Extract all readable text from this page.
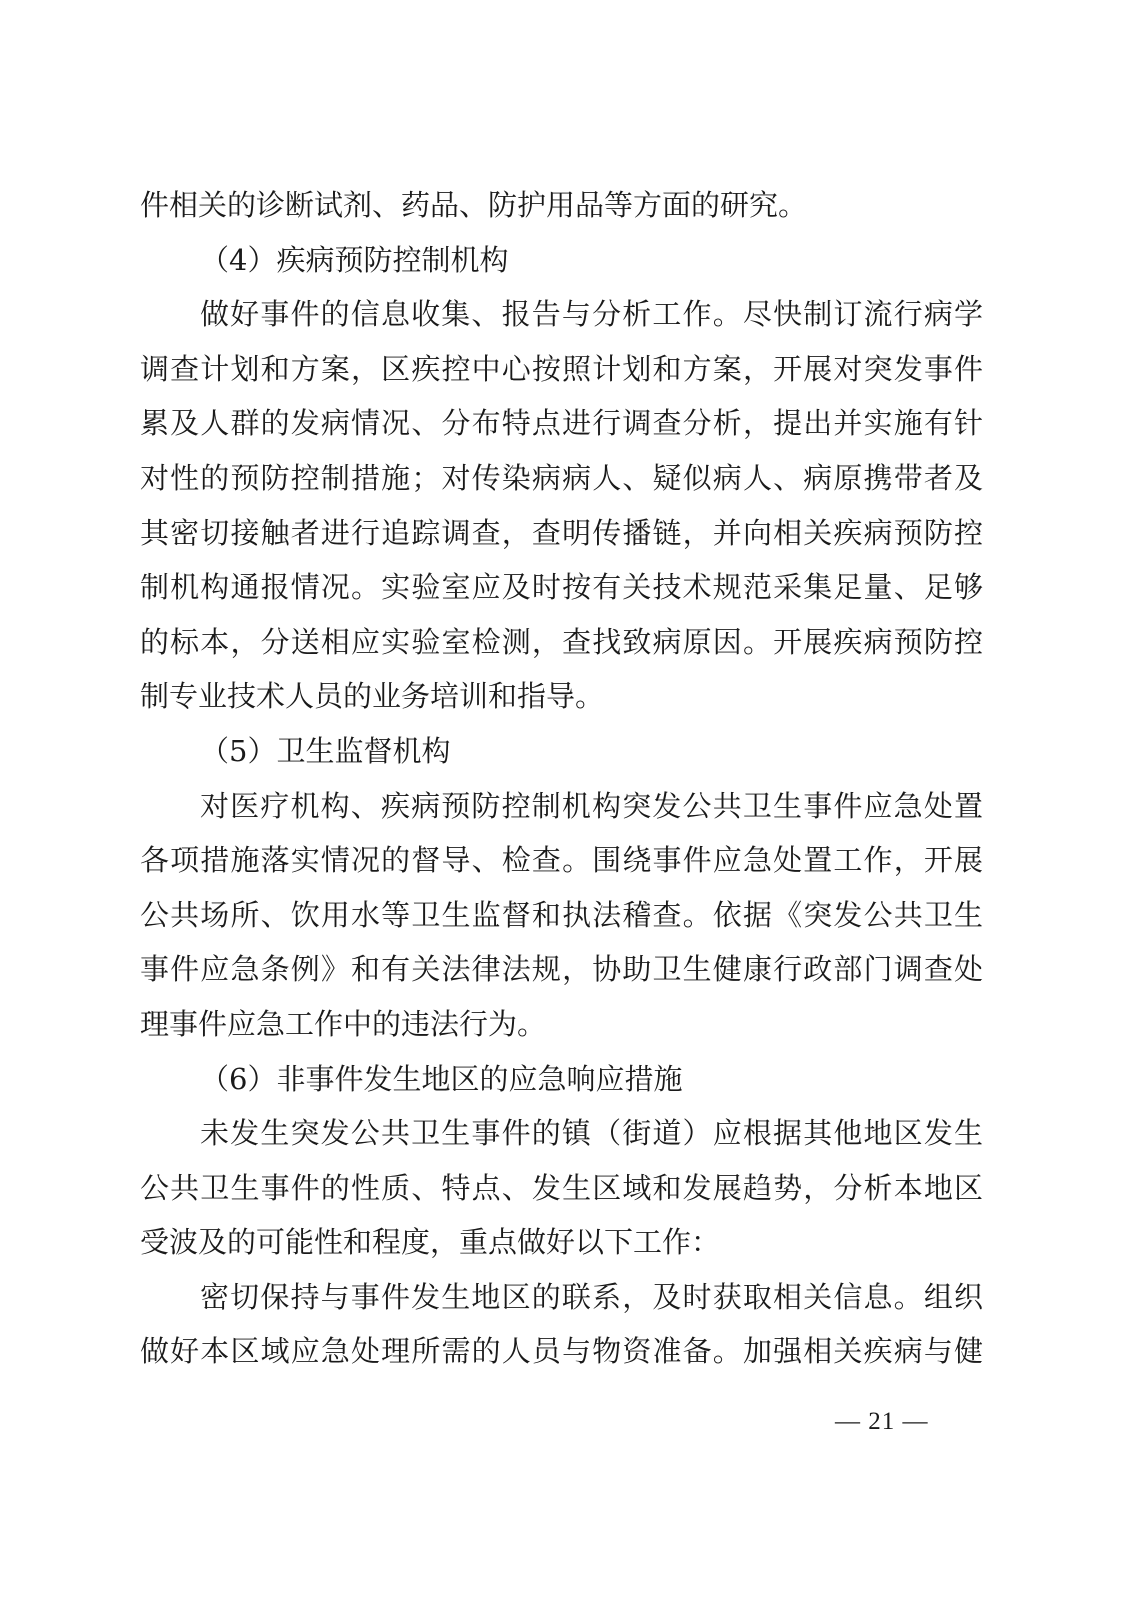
件相关的诊断试剂、药品、防护用品等方面的研究。
（4）疾病预防控制机构
做好事件的信息收集、报告与分析工作。尽快制订流行病学
调查计划和方案，区疾控中心按照计划和方案，开展对突发事件
累及人群的发病情况、分布特点进行调查分析，提出并实施有针
对性的预防控制措施；对传染病病人、疑似病人、病原携带者及
其密切接触者进行追踪调查，查明传播链，并向相关疾病预防控
制机构通报情况。实验室应及时按有关技术规范采集足量、足够
的标本，分送相应实验室检测，查找致病原因。开展疾病预防控
制专业技术人员的业务培训和指导。
（5）卫生监督机构
对医疗机构、疾病预防控制机构突发公共卫生事件应急处置
各项措施落实情况的督导、检查。围绕事件应急处置工作，开展
公共场所、饮用水等卫生监督和执法稽查。依据《突发公共卫生
事件应急条例》和有关法律法规，协助卫生健康行政部门调查处
理事件应急工作中的违法行为。
（6）非事件发生地区的应急响应措施
未发生突发公共卫生事件的镇（街道）应根据其他地区发生
公共卫生事件的性质、特点、发生区域和发展趋势，分析本地区
受波及的可能性和程度，重点做好以下工作：
密切保持与事件发生地区的联系，及时获取相关信息。组织
做好本区域应急处理所需的人员与物资准备。加强相关疾病与健
— 21 —
